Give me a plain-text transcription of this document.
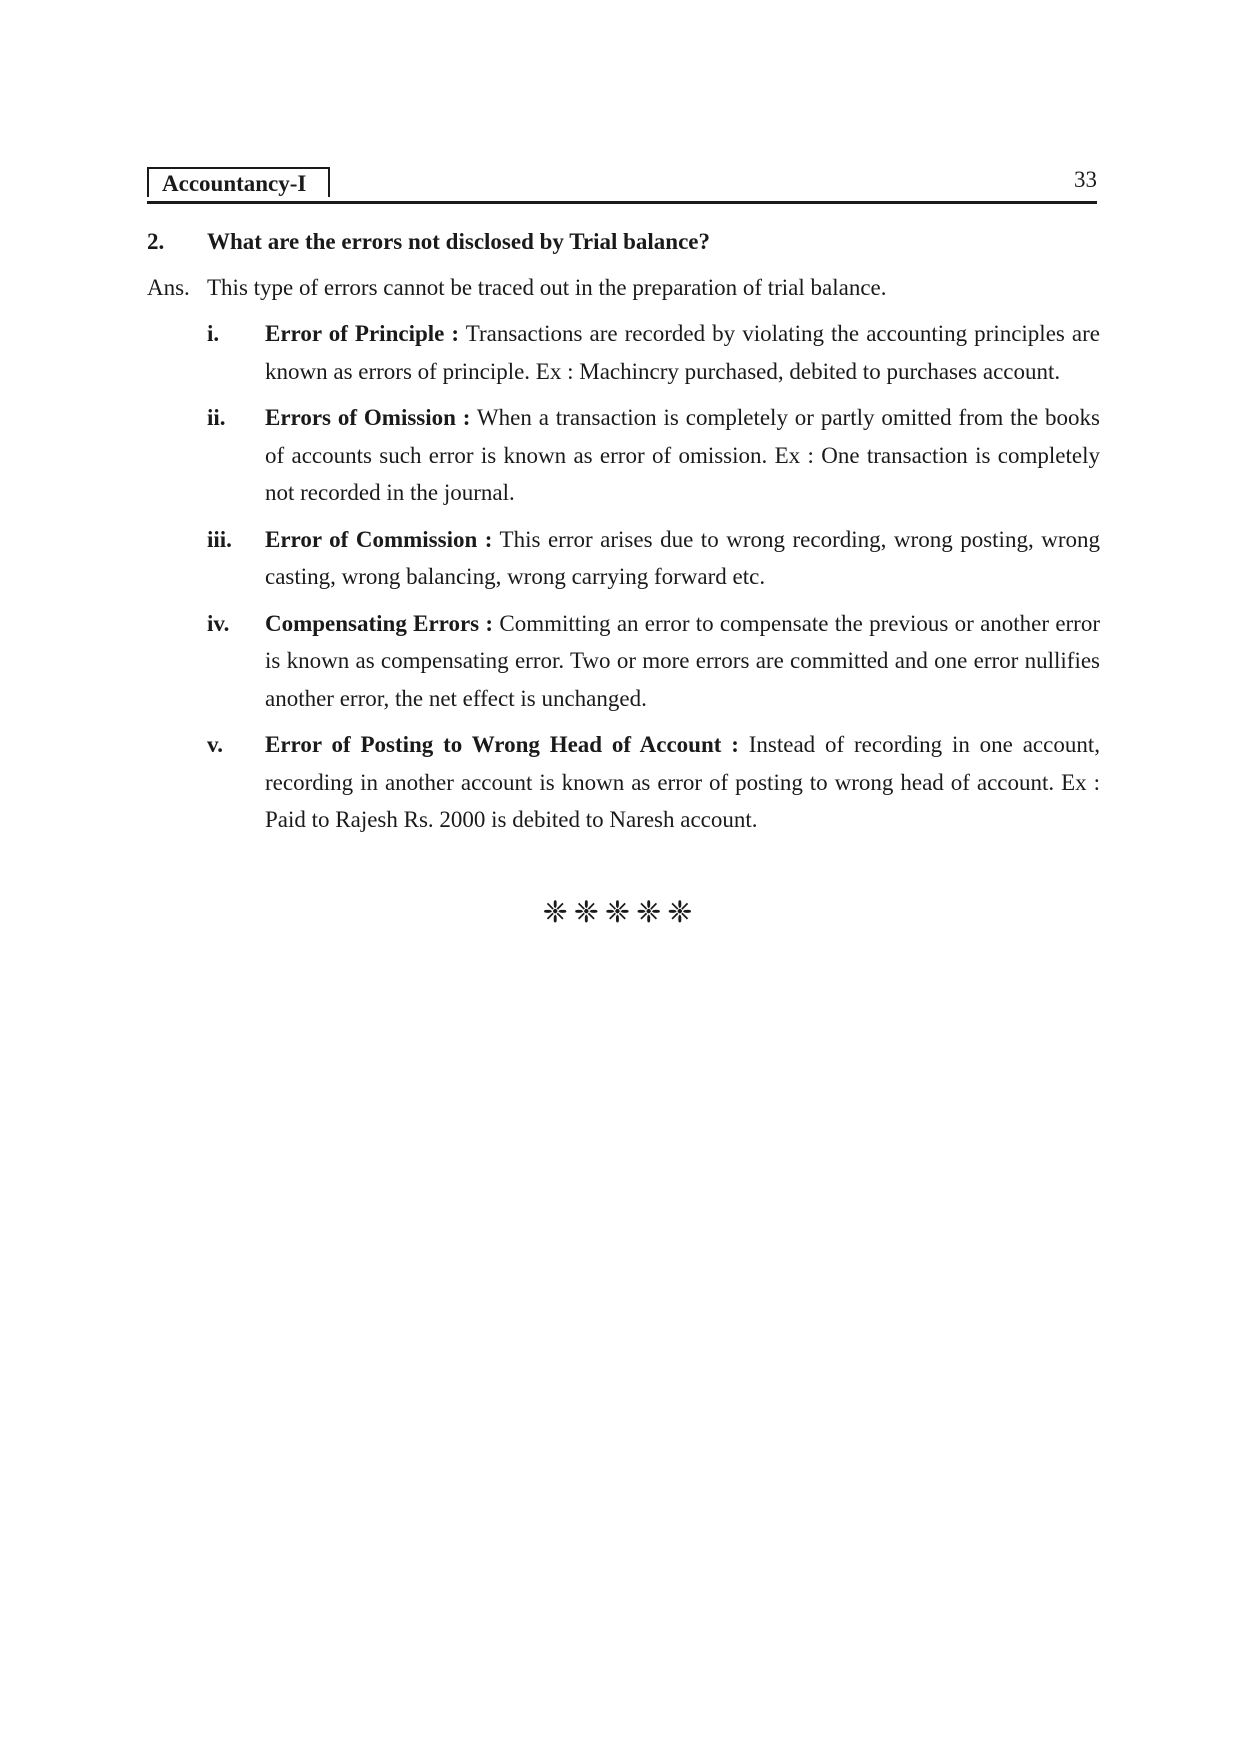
Accountancy-I	33
2.	What are the errors not disclosed by Trial balance?
Ans. This type of errors cannot be traced out in the preparation of trial balance.
i.	Error of Principle : Transactions are recorded by violating the accounting principles are known as errors of principle. Ex : Machincry purchased, debited to purchases account.
ii.	Errors of Omission : When a transaction is completely or partly omitted from the books of accounts such error is known as error of omission. Ex : One transaction is completely not recorded in the journal.
iii.	Error of Commission : This error arises due to wrong recording, wrong posting, wrong casting, wrong balancing, wrong carrying forward etc.
iv.	Compensating Errors : Committing an error to compensate the previous or another error is known as compensating error. Two or more errors are committed and one error nullifies another error, the net effect is unchanged.
v.	Error of Posting to Wrong Head of Account : Instead of recording in one account, recording in another account is known as error of posting to wrong head of account. Ex : Paid to Rajesh Rs. 2000 is debited to Naresh account.
❈❈❈❈❈
